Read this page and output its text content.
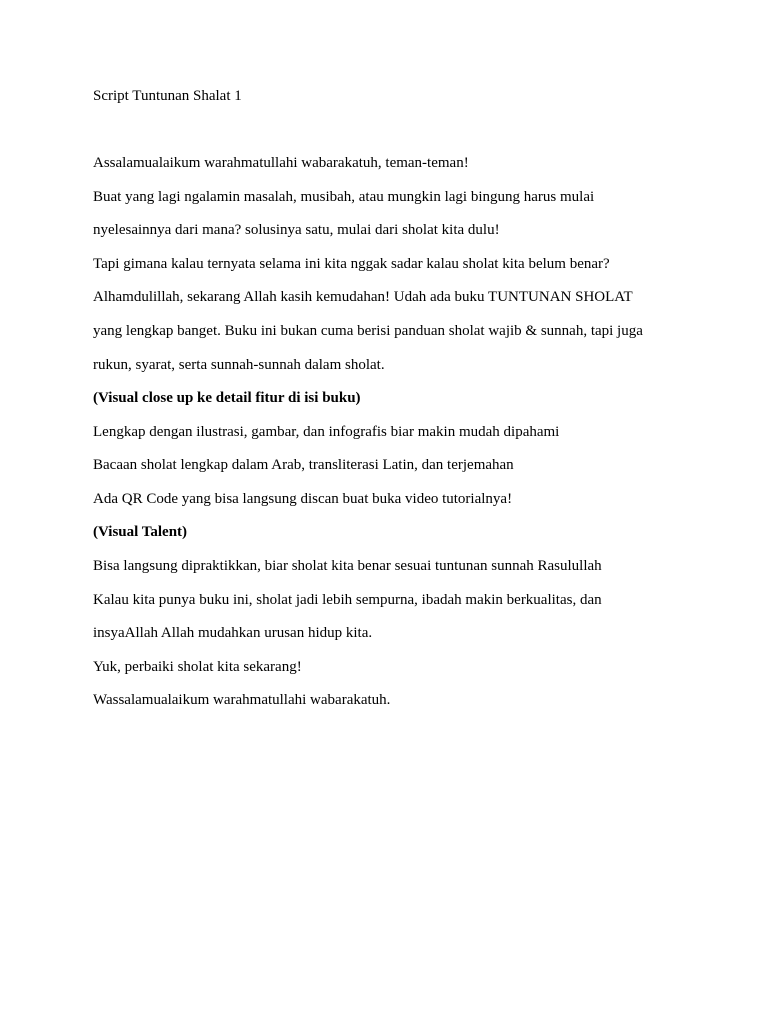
Script Tuntunan Shalat 1
Assalamualaikum warahmatullahi wabarakatuh, teman-teman!
Buat yang lagi ngalamin masalah, musibah, atau mungkin lagi bingung harus mulai
nyelesainnya dari mana? solusinya satu, mulai dari sholat kita dulu!
Tapi gimana kalau ternyata selama ini kita nggak sadar kalau sholat kita belum benar?
Alhamdulillah, sekarang Allah kasih kemudahan! Udah ada buku TUNTUNAN SHOLAT
yang lengkap banget. Buku ini bukan cuma berisi panduan sholat wajib & sunnah, tapi juga
rukun, syarat, serta sunnah-sunnah dalam sholat.
(Visual close up ke detail fitur di isi buku)
Lengkap dengan ilustrasi, gambar, dan infografis biar makin mudah dipahami
Bacaan sholat lengkap dalam Arab, transliterasi Latin, dan terjemahan
Ada QR Code yang bisa langsung discan buat buka video tutorialnya!
(Visual Talent)
Bisa langsung dipraktikkan, biar sholat kita benar sesuai tuntunan sunnah Rasulullah
Kalau kita punya buku ini, sholat jadi lebih sempurna, ibadah makin berkualitas, dan
insyaAllah Allah mudahkan urusan hidup kita.
Yuk, perbaiki sholat kita sekarang!
Wassalamualaikum warahmatullahi wabarakatuh.
